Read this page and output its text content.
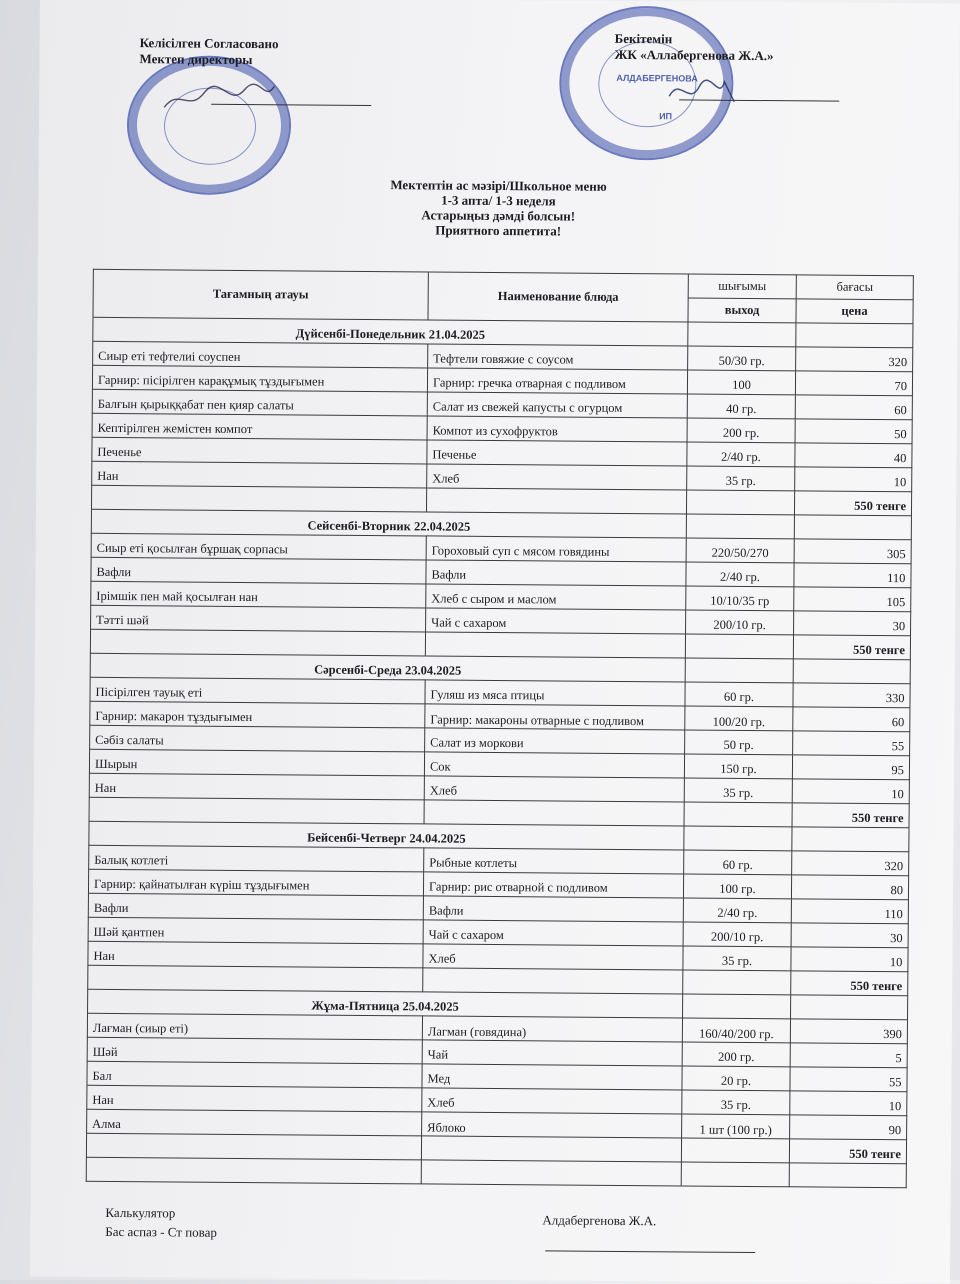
Келісілген Согласовано
Мектеп директоры
АЛДАБЕРГЕНОВА
ИП
Бекітемін
ЖК «Аллабергенова Ж.А.»
Мектептін ас мәзірі/Школьное меню
1-3 апта/ 1-3 неделя
Астарыңыз дәмді болсын!
Приятного аппетита!
Тағамның атауы	Наименование блюда	шығымы	бағасы
		выход	цена
Дүйсенбі-Понедельник 21.04.2025			
Сиыр еті тефтелиі соуспен	Тефтели говяжие с соусом	50/30 гр.	320
Гарнир: пісірілген карақұмық тұздығымен	Гарнир: гречка отварная с подливом	100	70
Балғын қырыққабат пен қияр салаты	Салат из свежей капусты с огурцом	40 гр.	60
Кептірілген жемістен компот	Компот из сухофруктов	200 гр.	50
Печенье	Печенье	2/40 гр.	40
Нан	Хлеб	35 гр.	10
			550 тенге
Сейсенбі-Вторник 22.04.2025			
Сиыр еті қосылған бұршақ сорпасы	Гороховый суп с мясом говядины	220/50/270	305
Вафли	Вафли	2/40 гр.	110
Ірімшік пен май қосылған нан	Хлеб с сыром и маслом	10/10/35 гр	105
Тәтті шәй	Чай с сахаром	200/10 гр.	30
			550 тенге
Сәрсенбі-Среда 23.04.2025			
Пісірілген тауық еті	Гуляш из мяса птицы	60 гр.	330
Гарнир: макарон тұздығымен	Гарнир: макароны отварные с подливом	100/20 гр.	60
Сәбіз салаты	Салат из моркови	50 гр.	55
Шырын	Сок	150 гр.	95
Нан	Хлеб	35 гр.	10
			550 тенге
Бейсенбі-Четверг 24.04.2025			
Балық котлеті	Рыбные котлеты	60 гр.	320
Гарнир: қайнатылған күріш тұздығымен	Гарнир: рис отварной с подливом	100 гр.	80
Вафли	Вафли	2/40 гр.	110
Шәй қантпен	Чай с сахаром	200/10 гр.	30
Нан	Хлеб	35 гр.	10
			550 тенге
Жұма-Пятница 25.04.2025			
Лағман (сиыр еті)	Лагман (говядина)	160/40/200 гр.	390
Шәй	Чай	200 гр.	5
Бал	Мед	20 гр.	55
Нан	Хлеб	35 гр.	10
Алма	Яблоко	1 шт (100 гр.)	90
			550 тенге

Калькулятор
Бас аспаз - Ст повар
Алдабергенова Ж.А.
